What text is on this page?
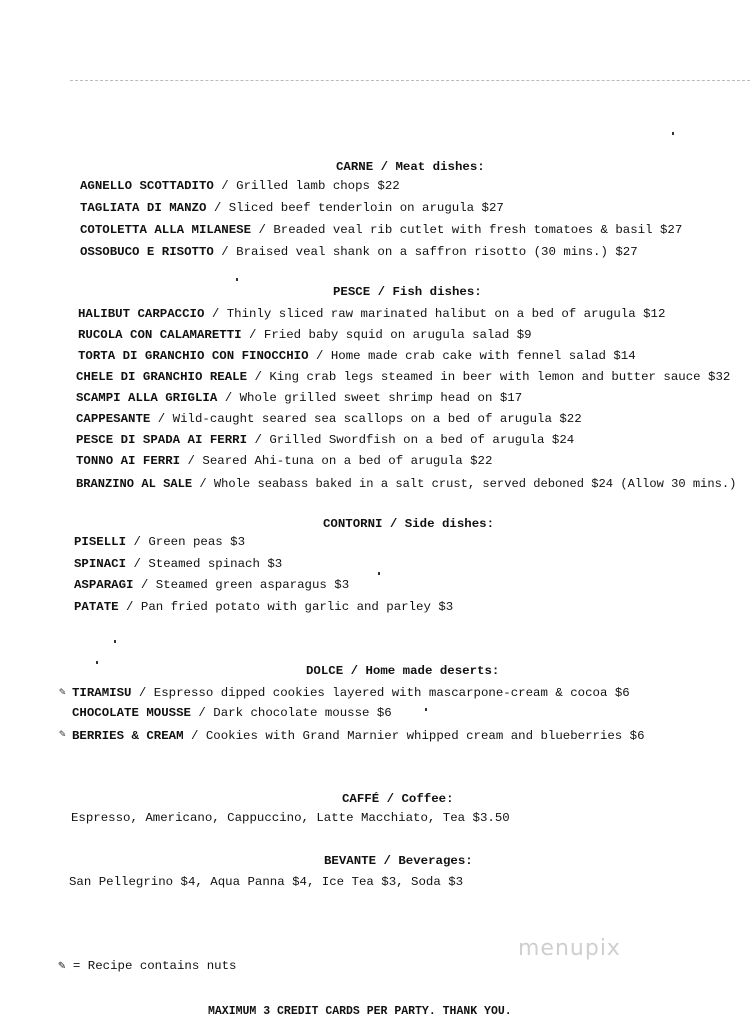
CARNE / Meat dishes:
AGNELLO SCOTTADITO / Grilled lamb chops $22
TAGLIATA DI MANZO / Sliced beef tenderloin on arugula $27
COTOLETTA ALLA MILANESE / Breaded veal rib cutlet with fresh tomatoes & basil $27
OSSOBUCO E RISOTTO / Braised veal shank on a saffron risotto (30 mins.) $27
PESCE / Fish dishes:
HALIBUT CARPACCIO / Thinly sliced raw marinated halibut on a bed of arugula $12
RUCOLA CON CALAMARETTI / Fried baby squid on arugula salad $9
TORTA DI GRANCHIO CON FINOCCHIO / Home made crab cake with fennel salad $14
CHELE DI GRANCHIO REALE / King crab legs steamed in beer with lemon and butter sauce $32
SCAMPI ALLA GRIGLIA / Whole grilled sweet shrimp head on $17
CAPPESANTE / Wild-caught seared sea scallops on a bed of arugula $22
PESCE DI SPADA AI FERRI / Grilled Swordfish on a bed of arugula $24
TONNO AI FERRI / Seared Ahi-tuna on a bed of arugula $22
BRANZINO AL SALE / Whole seabass baked in a salt crust, served deboned $24 (Allow 30 mins.)
CONTORNI / Side dishes:
PISELLI / Green peas $3
SPINACI / Steamed spinach $3
ASPARAGI / Steamed green asparagus $3
PATATE / Pan fried potato with garlic and parley $3
DOLCE / Home made deserts:
✎ TIRAMISU / Espresso dipped cookies layered with mascarpone-cream & cocoa $6
CHOCOLATE MOUSSE / Dark chocolate mousse $6
✎ BERRIES & CREAM / Cookies with Grand Marnier whipped cream and blueberries $6
CAFFÉ / Coffee:
Espresso, Americano, Cappuccino, Latte Macchiato, Tea $3.50
BEVANTE / Beverages:
San Pellegrino $4, Aqua Panna $4, Ice Tea $3, Soda $3
menupix
✎ = Recipe contains nuts
MAXIMUM 3 CREDIT CARDS PER PARTY. THANK YOU.
